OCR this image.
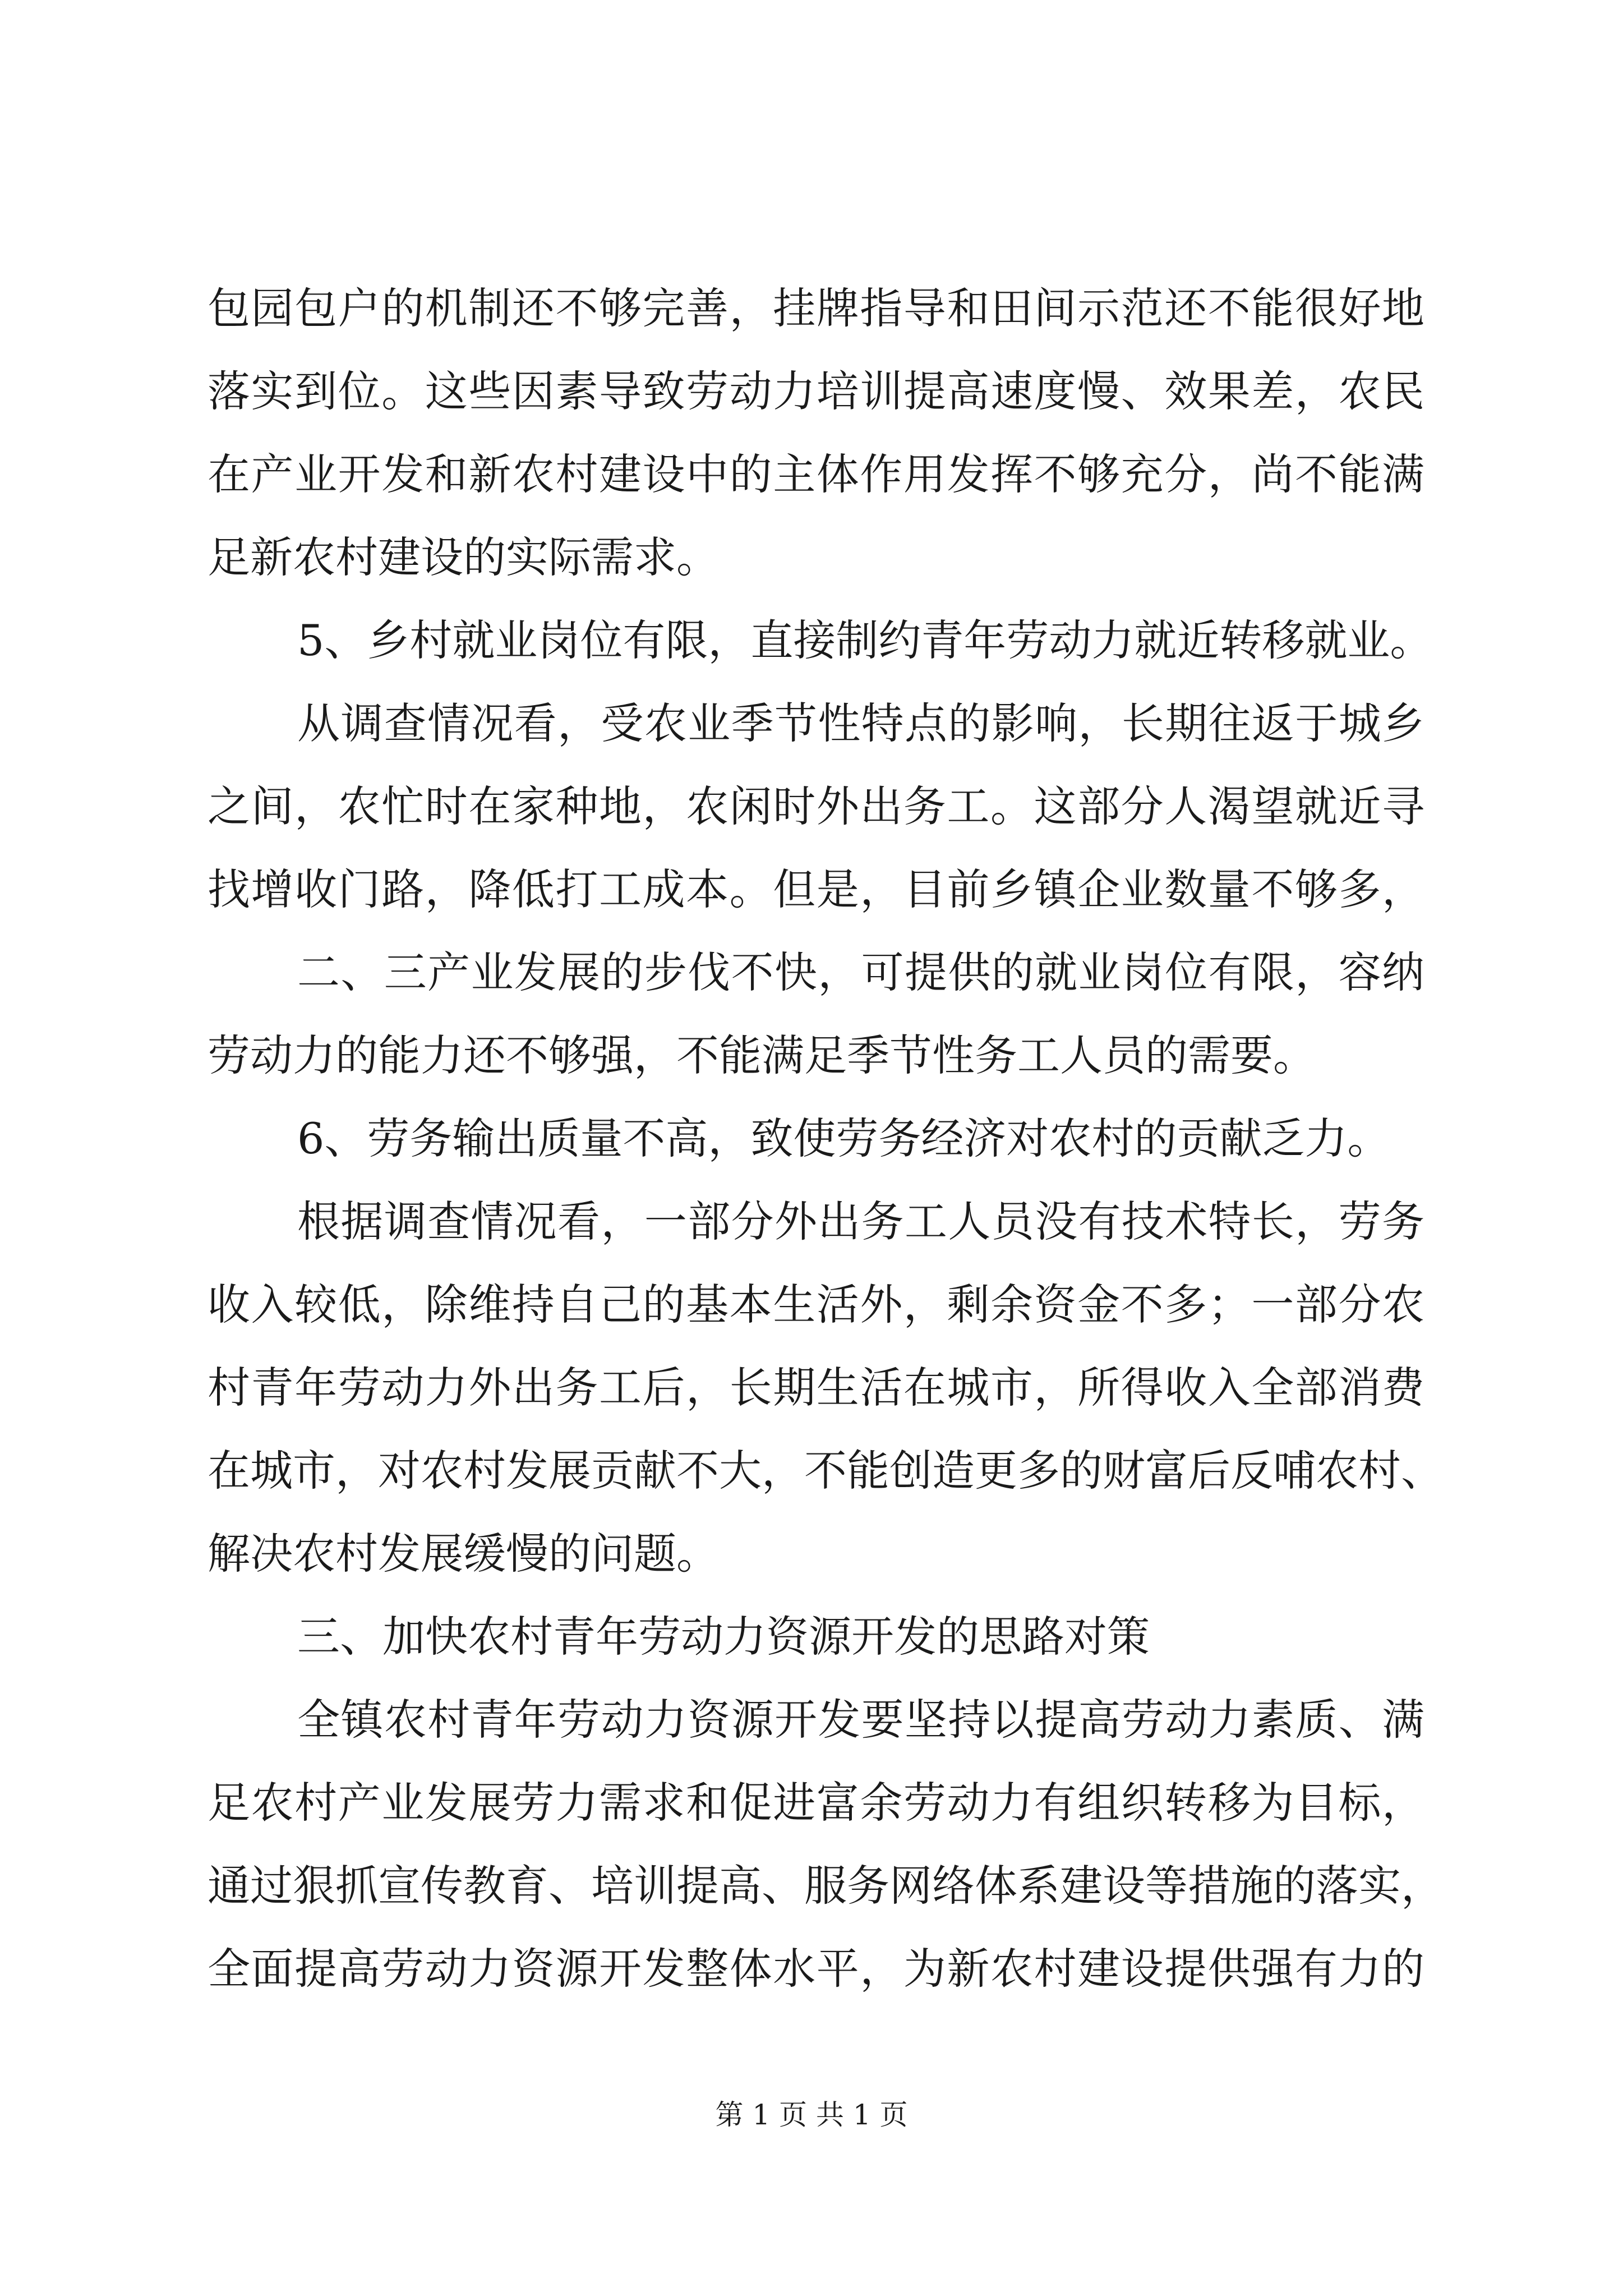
包园包户的机制还不够完善，挂牌指导和田间示范还不能很好地
落实到位。这些因素导致劳动力培训提高速度慢、效果差，农民
在产业开发和新农村建设中的主体作用发挥不够充分，尚不能满
足新农村建设的实际需求。
5、乡村就业岗位有限，直接制约青年劳动力就近转移就业。
从调查情况看，受农业季节性特点的影响，长期往返于城乡
之间，农忙时在家种地，农闲时外出务工。这部分人渴望就近寻
找增收门路，降低打工成本。但是，目前乡镇企业数量不够多，
二、三产业发展的步伐不快，可提供的就业岗位有限，容纳
劳动力的能力还不够强，不能满足季节性务工人员的需要。
6、劳务输出质量不高，致使劳务经济对农村的贡献乏力。
根据调查情况看，一部分外出务工人员没有技术特长，劳务
收入较低，除维持自己的基本生活外，剩余资金不多；一部分农
村青年劳动力外出务工后，长期生活在城市，所得收入全部消费
在城市，对农村发展贡献不大，不能创造更多的财富后反哺农村、
解决农村发展缓慢的问题。
三、加快农村青年劳动力资源开发的思路对策
全镇农村青年劳动力资源开发要坚持以提高劳动力素质、满
足农村产业发展劳力需求和促进富余劳动力有组织转移为目标，
通过狠抓宣传教育、培训提高、服务网络体系建设等措施的落实，
全面提高劳动力资源开发整体水平，为新农村建设提供强有力的
第 1 页 共 1 页
